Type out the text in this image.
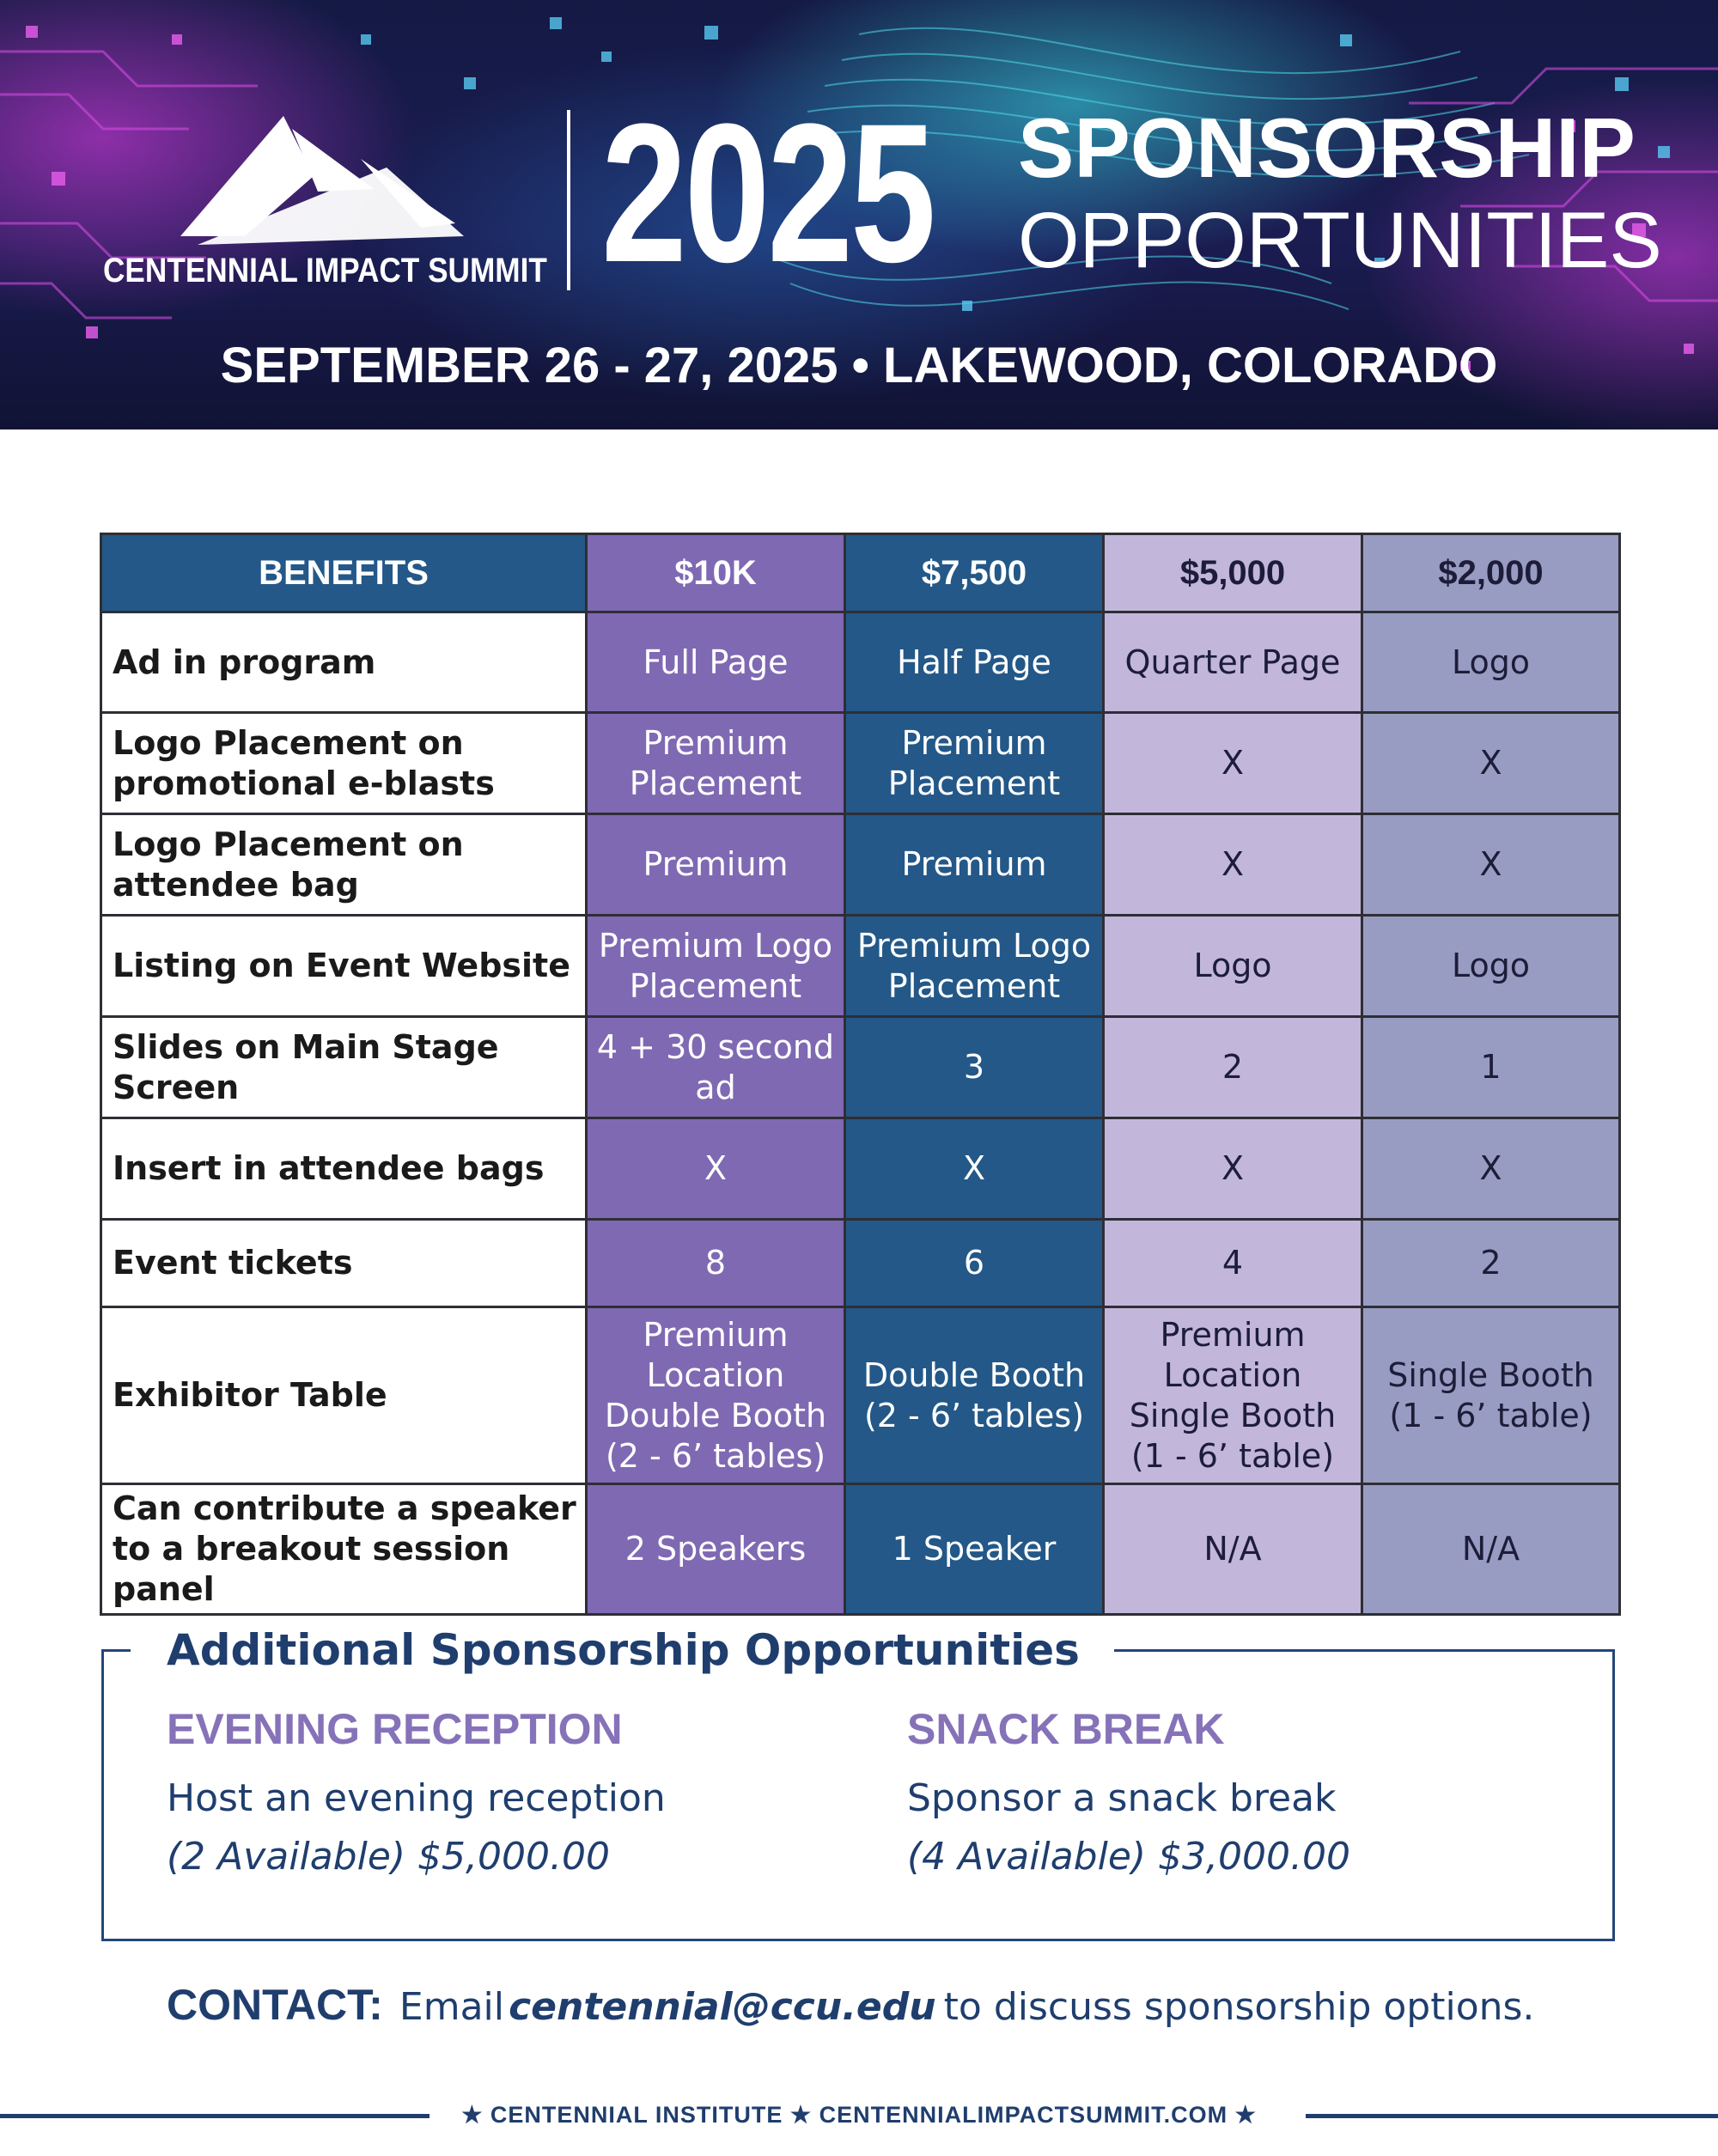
CENTENNIAL IMPACT SUMMIT 2025 SPONSORSHIP
OPPORTUNITIES
SEPTEMBER 26 - 27, 2025 • LAKEWOOD, COLORADO
BENEFITS	$10K	$7,500	$5,000	$2,000
Ad in program	Full Page	Half Page	Quarter Page	Logo
Logo Placement on promotional e-blasts	Premium Placement	Premium Placement	X	X
Logo Placement on attendee bag	Premium	Premium	X	X
Listing on Event Website	Premium Logo Placement	Premium Logo Placement	Logo	Logo
Slides on Main Stage Screen	4 + 30 second ad	3	2	1
Insert in attendee bags	X	X	X	X
Event tickets	8	6	4	2
Exhibitor Table	Premium Location Double Booth (2 - 6’ tables)	Double Booth (2 - 6’ tables)	Premium Location Single Booth (1 - 6’ table)	Single Booth (1 - 6’ table)
Can contribute a speaker to a breakout session panel	2 Speakers	1 Speaker	N/A	N/A
Additional Sponsorship Opportunities
EVENING RECEPTION
Host an evening reception
(2 Available) $5,000.00
SNACK BREAK
Sponsor a snack break
(4 Available) $3,000.00
CONTACT: Email centennial@ccu.edu to discuss sponsorship options.
★ CENTENNIAL INSTITUTE ★ CENTENNIALIMPACTSUMMIT.COM ★
